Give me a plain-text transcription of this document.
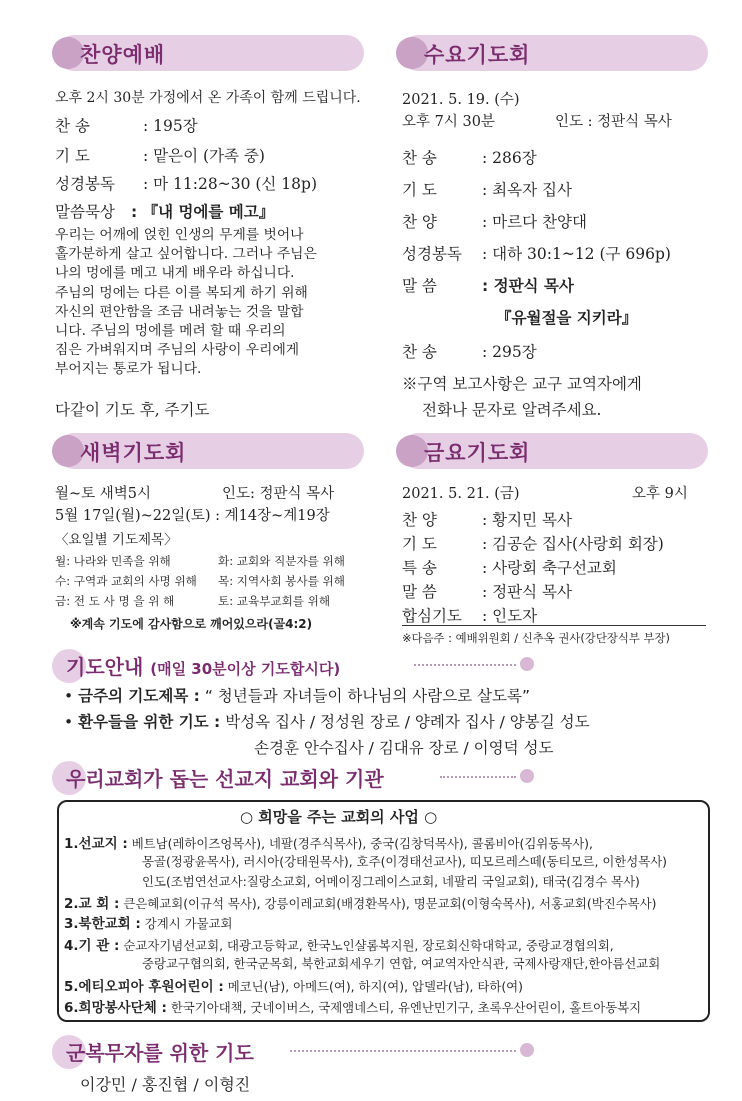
찬양예배
오후 2시 30분 가정에서 온 가족이 함께 드립니다.
찬 송	: 195장
기 도	: 맡은이 (가족 중)
성경봉독 : 마 11:28~30 (신 18p)
말씀묵상 : 『내 멍에를 메고』
우리는 어깨에 얹힌 인생의 무게를 벗어나
홀가분하게 살고 싶어합니다. 그러나 주님은
나의 멍에를 메고 내게 배우라 하십니다.
주님의 멍에는 다른 이를 복되게 하기 위해
자신의 편안함을 조금 내려놓는 것을 말합
니다. 주님의 멍에를 메려 할 때 우리의
짐은 가벼워지며 주님의 사랑이 우리에게
부어지는 통로가 됩니다.
다같이 기도 후, 주기도
수요기도회
2021. 5. 19. (수)
오후 7시 30분	인도 : 정판식 목사
찬 송	: 286장
기 도	: 최옥자 집사
찬 양	: 마르다 찬양대
성경봉독 : 대하 30:1~12 (구 696p)
말 씀	: 정판식 목사
『유월절을 지키라』
찬 송	: 295장
※구역 보고사항은 교구 교역자에게
전화나 문자로 알려주세요.
새벽기도회
월~토 새벽5시	인도: 정판식 목사
5월 17일(월)~22일(토) : 계14장~계19장
〈요일별 기도제목〉
월: 나라와 민족을 위해	화: 교회와 직분자를 위해
수: 구역과 교회의 사명 위해 목: 지역사회 봉사를 위해
금: 전 도 사 명 을 위 해	토: 교육부교회를 위해
※계속 기도에 감사함으로 깨어있으라(골4:2)
금요기도회
2021. 5. 21. (금)	오후 9시
찬 양	: 황지민 목사
기 도	: 김공순 집사(사랑회 회장)
특 송	: 사랑회 축구선교회
말 씀	: 정판식 목사
합심기도 : 인도자
※다음주 : 예배위원회 / 신추옥 권사(강단장식부 부장)
기도안내 (매일 30분이상 기도합시다)
• 금주의 기도제목 : “ 청년들과 자녀들이 하나님의 사람으로 살도록”
• 환우들을 위한 기도 : 박성옥 집사 / 정성원 장로 / 양례자 집사 / 양봉길 성도
손경훈 안수집사 / 김대유 장로 / 이영덕 성도
우리교회가 돕는 선교지 교회와 기관
○ 희망을 주는 교회의 사업 ○
1.선교지 : 베트남(레하이즈엉목사), 네팔(경주식목사), 중국(김창덕목사), 콜롬비아(김위동목사),
몽골(정광윤목사), 러시아(강태원목사), 호주(이경태선교사), 띠모르레스떼(동티모르, 이한성목사)
인도(조범연선교사:질랑소교회, 어메이징그레이스교회, 네팔리 국일교회), 태국(김경수 목사)
2.교 회 : 큰은혜교회(이규석 목사), 강릉이레교회(배경환목사), 명문교회(이형숙목사), 서홍교회(박진수목사)
3.북한교회 : 강계시 가물교회
4.기 관 : 순교자기념선교회, 대광고등학교, 한국노인샬롬복지원, 장로회신학대학교, 중랑교경협의회,
중랑교구협의회, 한국군목회, 북한교회세우기 연합, 여교역자안식관, 국제사랑재단,한아름선교회
5.에티오피아 후원어린이 : 메코닌(남), 아메드(여), 하지(여), 압델라(남), 타하(여)
6.희망봉사단체 : 한국기아대책, 굿네이버스, 국제앰네스티, 유엔난민기구, 초록우산어린이, 홀트아동복지
군복무자를 위한 기도
이강민 / 홍진협 / 이형진
